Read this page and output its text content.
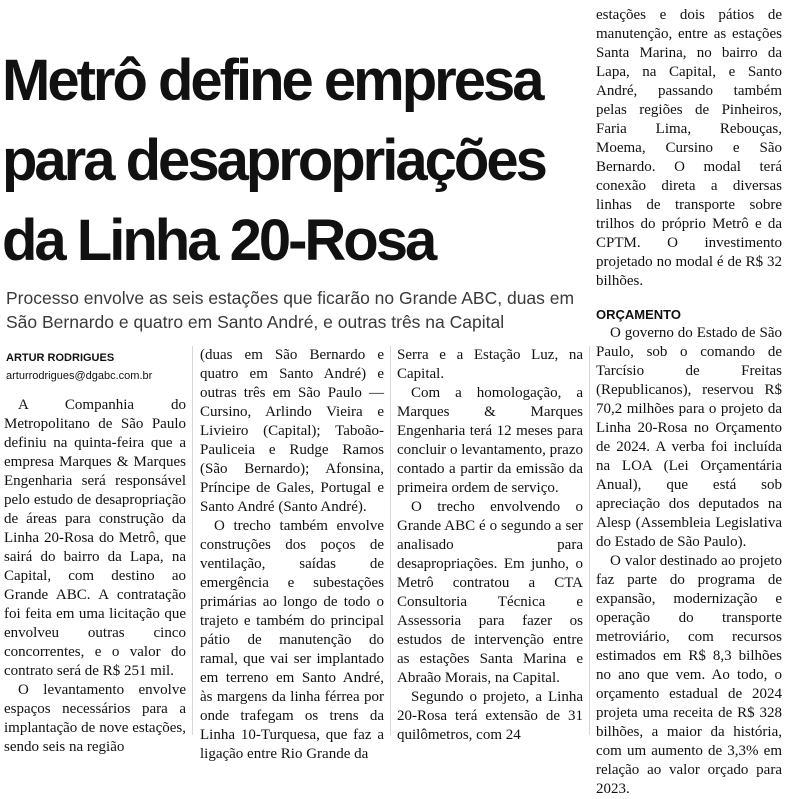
Metrô define empresa
para desapropriações
da Linha 20-Rosa
Processo envolve as seis estações que ficarão no Grande ABC, duas em São Bernardo e quatro em Santo André, e outras três na Capital
ARTUR RODRIGUES
arturrodrigues@dgabc.com.br

A Companhia do Metropolitano de São Paulo definiu na quinta-feira que a empresa Marques & Marques Engenharia será responsável pelo estudo de desapropriação de áreas para construção da Linha 20-Rosa do Metrô, que sairá do bairro da Lapa, na Capital, com destino ao Grande ABC. A contratação foi feita em uma licitação que envolveu outras cinco concorrentes, e o valor do contrato será de R$ 251 mil.

O levantamento envolve espaços necessários para a implantação de nove estações, sendo seis na região

(duas em São Bernardo e quatro em Santo André) e outras três em São Paulo — Cursino, Arlindo Vieira e Livieiro (Capital); Taboão-Pauliceia e Rudge Ramos (São Bernardo); Afonsina, Príncipe de Gales, Portugal e Santo André (Santo André).

O trecho também envolve construções dos poços de ventilação, saídas de emergência e subestações primárias ao longo de todo o trajeto e também do principal pátio de manutenção do ramal, que vai ser implantado em terreno em Santo André, às margens da linha férrea por onde trafegam os trens da Linha 10-Turquesa, que faz a ligação entre Rio Grande da

Serra e a Estação Luz, na Capital.

Com a homologação, a Marques & Marques Engenharia terá 12 meses para concluir o levantamento, prazo contado a partir da emissão da primeira ordem de serviço.

O trecho envolvendo o Grande ABC é o segundo a ser analisado para desapropriações. Em junho, o Metrô contratou a CTA Consultoria Técnica e Assessoria para fazer os estudos de intervenção entre as estações Santa Marina e Abraão Morais, na Capital.

Segundo o projeto, a Linha 20-Rosa terá extensão de 31 quilômetros, com 24

estações e dois pátios de manutenção, entre as estações Santa Marina, no bairro da Lapa, na Capital, e Santo André, passando também pelas regiões de Pinheiros, Faria Lima, Rebouças, Moema, Cursino e São Bernardo. O modal terá conexão direta a diversas linhas de transporte sobre trilhos do próprio Metrô e da CPTM. O investimento projetado no modal é de R$ 32 bilhões.

ORÇAMENTO

O governo do Estado de São Paulo, sob o comando de Tarcísio de Freitas (Republicanos), reservou R$ 70,2 milhões para o projeto da Linha 20-Rosa no Orçamento de 2024. A verba foi incluída na LOA (Lei Orçamentária Anual), que está sob apreciação dos deputados na Alesp (Assembleia Legislativa do Estado de São Paulo).

O valor destinado ao projeto faz parte do programa de expansão, modernização e operação do transporte metroviário, com recursos estimados em R$ 8,3 bilhões no ano que vem. Ao todo, o orçamento estadual de 2024 projeta uma receita de R$ 328 bilhões, a maior da história, com um aumento de 3,3% em relação ao valor orçado para 2023.
